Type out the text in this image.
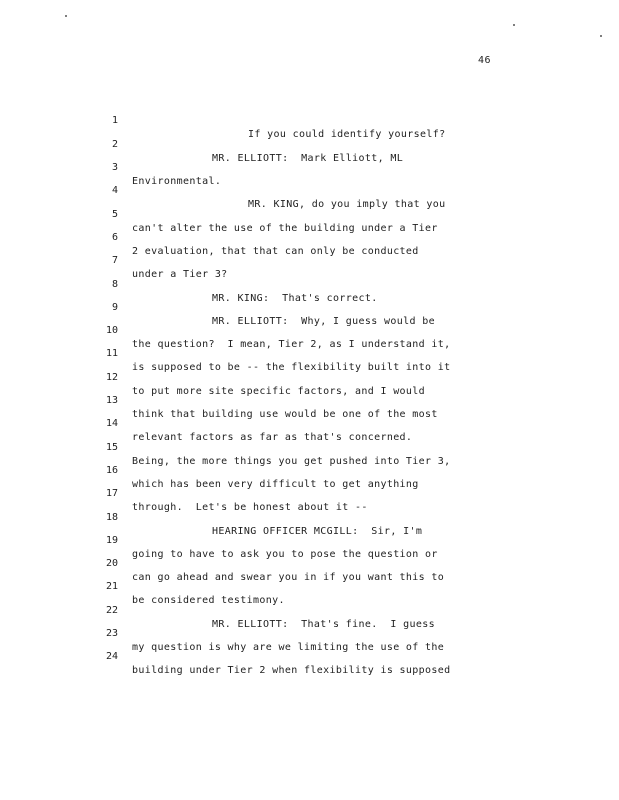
46

1

If you could identify yourself?

2

MR. ELLIOTT:  Mark Elliott, ML

3

Environmental.

4

MR. KING, do you imply that you

5

can't alter the use of the building under a Tier

6

2 evaluation, that that can only be conducted

7

under a Tier 3?

8

MR. KING:  That's correct.

9

MR. ELLIOTT:  Why, I guess would be

10

the question?  I mean, Tier 2, as I understand it,

11

is supposed to be -- the flexibility built into it

12

to put more site specific factors, and I would

13

think that building use would be one of the most

14

relevant factors as far as that's concerned.

15

Being, the more things you get pushed into Tier 3,

16

which has been very difficult to get anything

17

through.  Let's be honest about it --

18

HEARING OFFICER MCGILL:  Sir, I'm

19

going to have to ask you to pose the question or

20

can go ahead and swear you in if you want this to

21

be considered testimony.

22

MR. ELLIOTT:  That's fine.  I guess

23

my question is why are we limiting the use of the

24

building under Tier 2 when flexibility is supposed
